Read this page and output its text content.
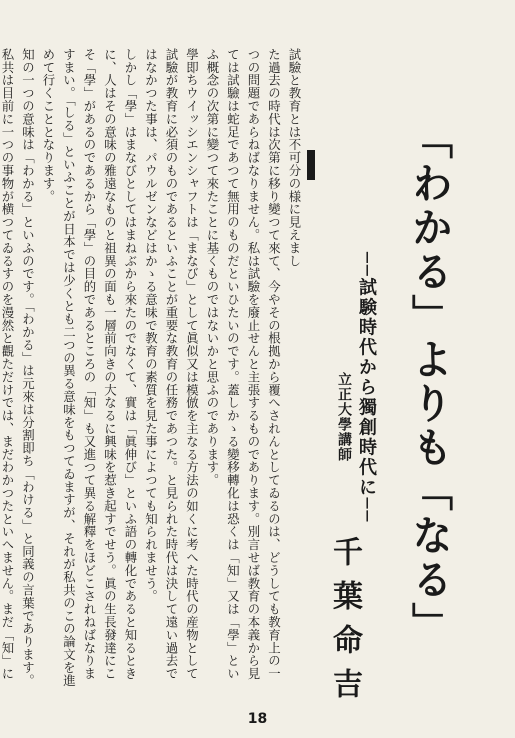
「わかる」よりも「なる」
──試験時代から獨創時代に──
立正大學講師
千葉命吉

試驗と教育とは不可分の様に見えまし

た過去の時代は次第に移り變つて來て、今やその根拠から覆へされんとしてゐるのは、どうしても教育上の一つの問題であらねばなりません。私は試驗を廢止せんと主張するものであります。別言せば教育の本義から見ては試驗は蛇足であつて無用のものだといひたいのです。蓋しかゝる變移轉化は恐くは「知」又は「學」といふ概念の次第に變つて來たことに基くものではないかと思ふのであります。

學即ちウイッシエンシャフトは「まなび」として眞似又は模倣を主なる方法の如くに考へた時代の産物として試驗が教育に必須のものであるといふことが重要な教育の任務であつた。と見られた時代は決して遠い過去ではなかつた事は、パウルゼンなどはかゝる意味で教育の素質を見た事によつても知られませう。

しかし「學」はまなびとしてはまねぶから來たのでなくて、實は「眞伸び」といふ語の轉化であると知るときに、人はその意味の雅遠なものと祖異の面も一層前向きの大なるに興味を惹き起すでせう。眞の生長發達にこそ「學」があるのであるから「學」の目的であるところの「知」も又進つて異る解釋をほどこされねばなりますまい。「しる」といふことが日本では少くとも二つの異る意味をもつてゐますが、それが私共のこの論文を進めて行くこととなります。

知の一つの意味は「わかる」といふのです。「わかる」は元來は分割即ち「わける」と同義の言葉であります。私共は目前に一つの事物が横つてゐるすのを漫然と觀ただけでは、まだわかつたといへません。まだ「知」に

18
